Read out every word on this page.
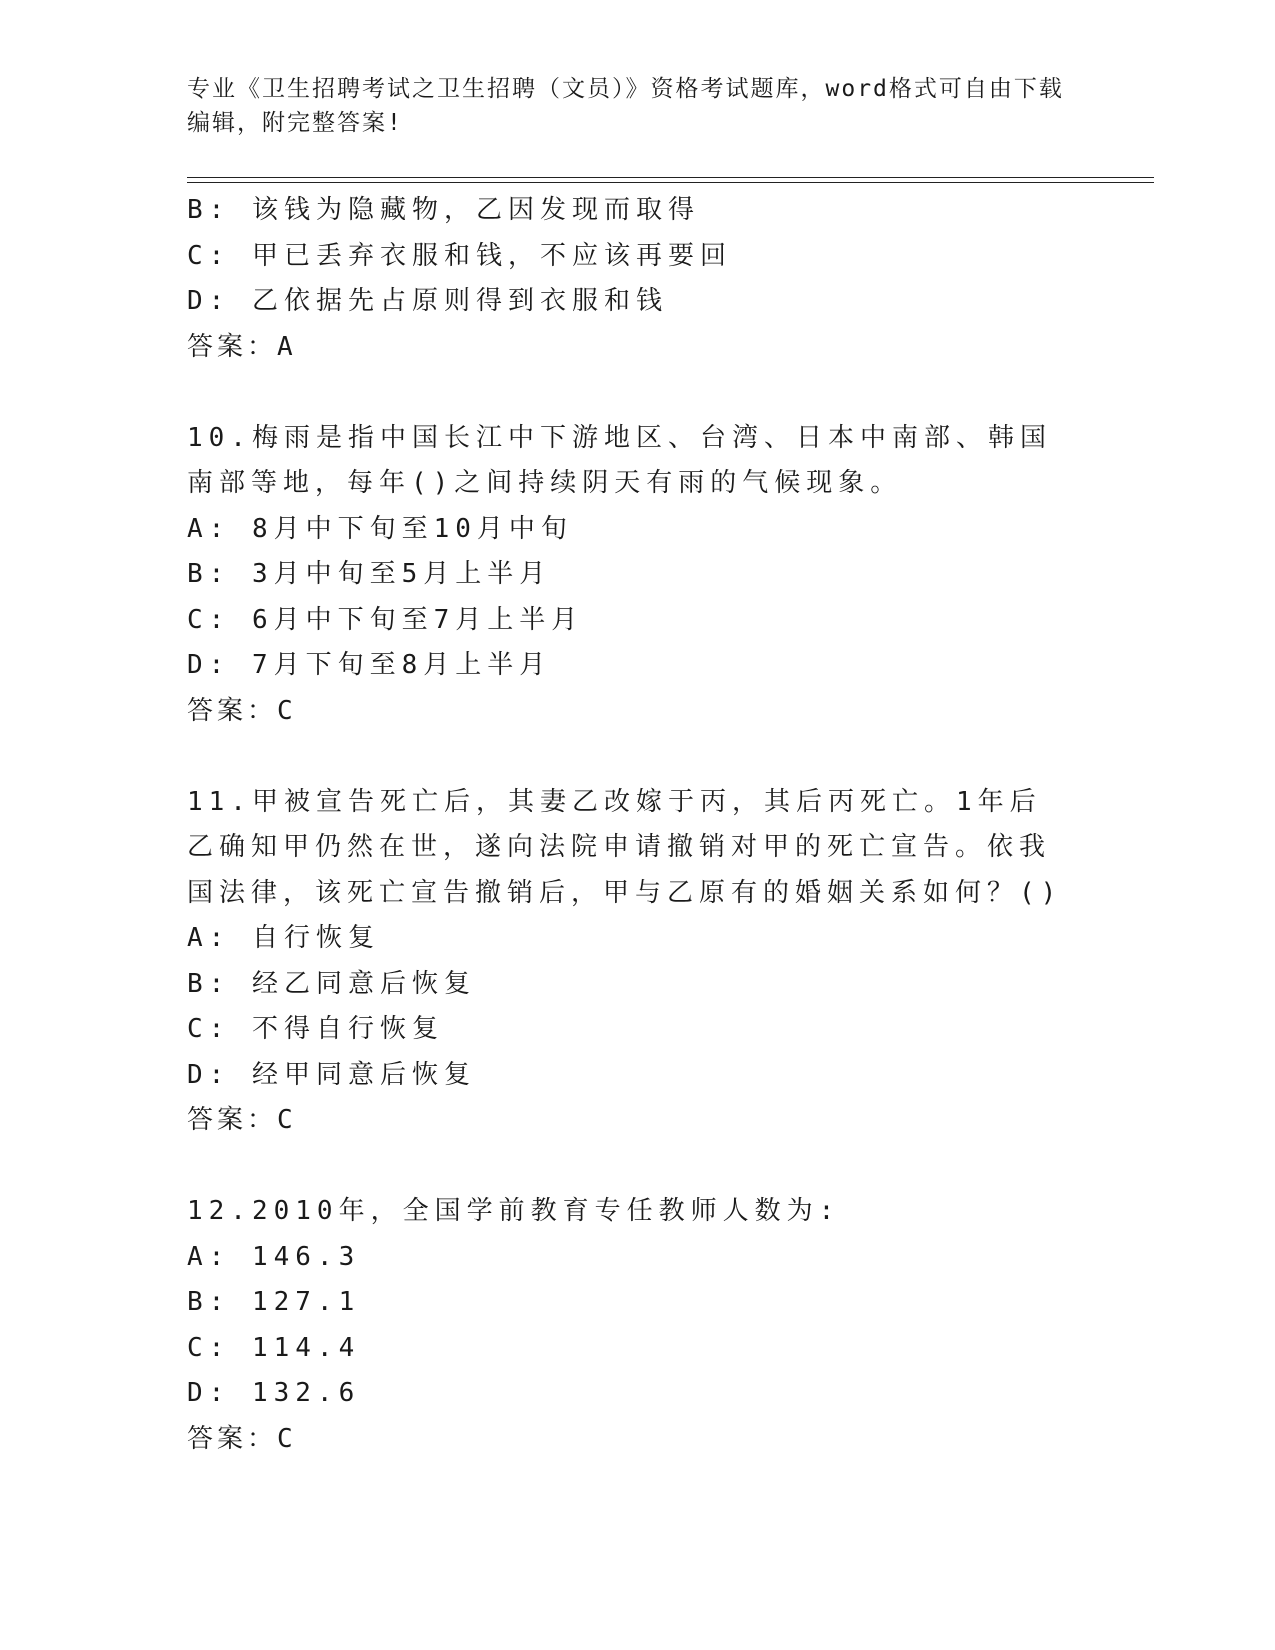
专业《卫生招聘考试之卫生招聘（文员）》资格考试题库，word格式可自由下载编辑，附完整答案!
B: 该钱为隐藏物，乙因发现而取得
C: 甲已丢弃衣服和钱，不应该再要回
D: 乙依据先占原则得到衣服和钱
答案：A
10.梅雨是指中国长江中下游地区、台湾、日本中南部、韩国南部等地，每年()之间持续阴天有雨的气候现象。
A: 8月中下旬至10月中旬
B: 3月中旬至5月上半月
C: 6月中下旬至7月上半月
D: 7月下旬至8月上半月
答案：C
11.甲被宣告死亡后，其妻乙改嫁于丙，其后丙死亡。1年后乙确知甲仍然在世，遂向法院申请撤销对甲的死亡宣告。依我国法律，该死亡宣告撤销后，甲与乙原有的婚姻关系如何？()
A: 自行恢复
B: 经乙同意后恢复
C: 不得自行恢复
D: 经甲同意后恢复
答案：C
12.2010年，全国学前教育专任教师人数为:
A: 146.3
B: 127.1
C: 114.4
D: 132.6
答案：C
